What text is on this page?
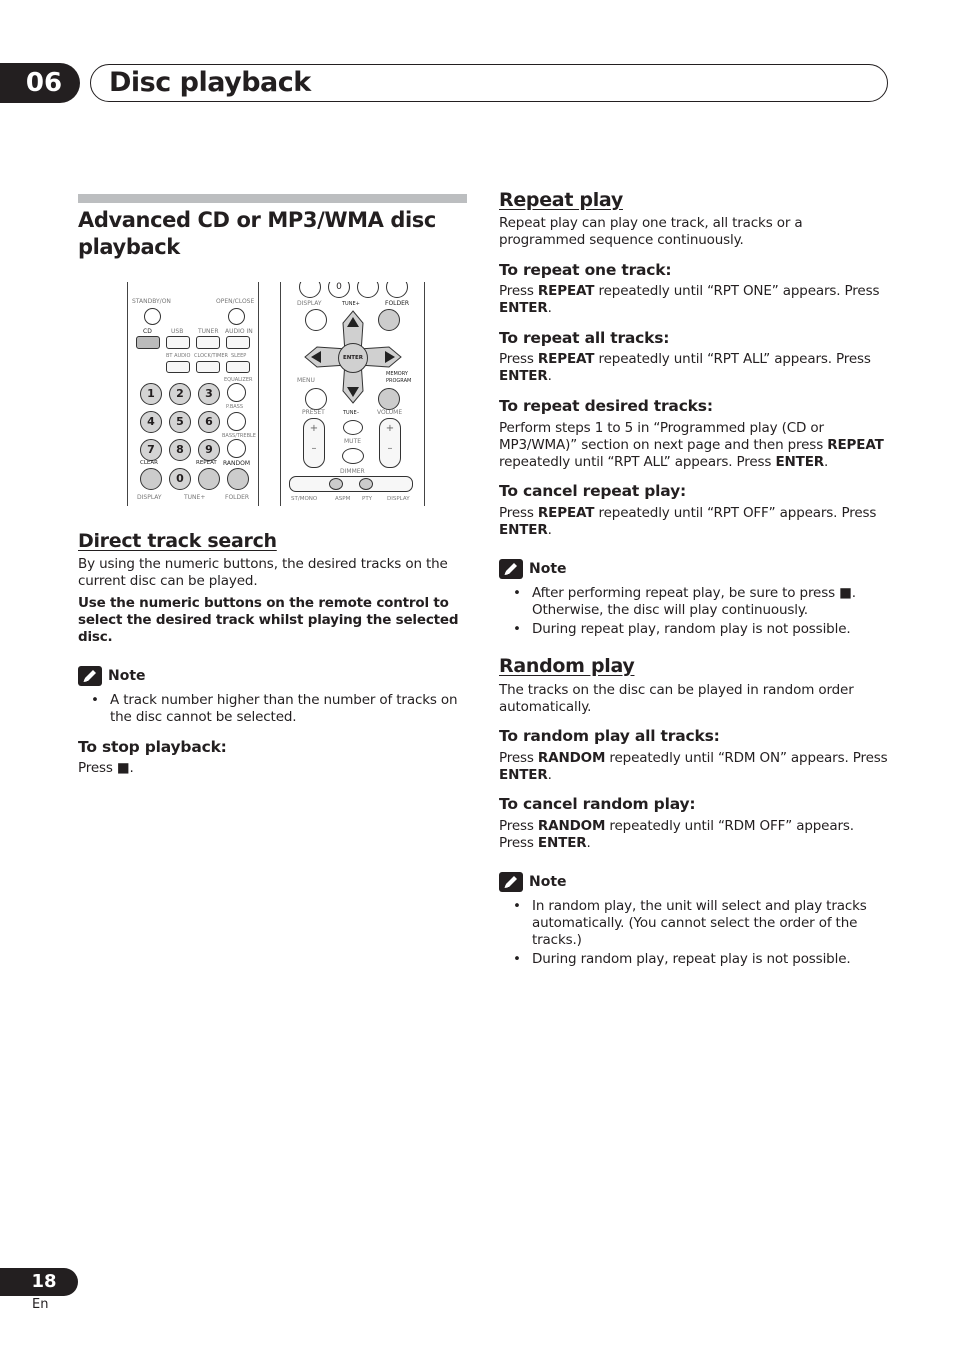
06	Disc playback
Advanced CD or MP3/WMA disc playback
STANDBY/ON	OPEN/CLOSE
CD	USB TUNER AUDIO IN
BT AUDIO CLOCK/TIMER SLEEP
EQUALIZER
1	2	3
P.BASS
4	5	6
BASS/TREBLE
7	8	9
CLEAR	REPEAT RANDOM
0
DISPLAY	TUNE+	FOLDER
0
DISPLAY	TUNE+	FOLDER
ENTER
MENU
MEMORY
PROGRAM
PRESET	TUNE–	VOLUME
+
–
+
–
MUTE
DIMMER
ST/MONO	ASPM PTY	DISPLAY
Direct track search
By using the numeric buttons, the desired tracks on the current disc can be played.
Use the numeric buttons on the remote control to select the desired track whilst playing the selected disc.
Note
• A track number higher than the number of tracks on the disc cannot be selected.
To stop playback:
Press ■.
Repeat play
Repeat play can play one track, all tracks or a programmed sequence continuously.
To repeat one track:
Press REPEAT repeatedly until “RPT ONE” appears. Press ENTER.
To repeat all tracks:
Press REPEAT repeatedly until “RPT ALL” appears. Press ENTER.
To repeat desired tracks:
Perform steps 1 to 5 in “Programmed play (CD or MP3/WMA)” section on next page and then press REPEAT repeatedly until “RPT ALL” appears. Press ENTER.
To cancel repeat play:
Press REPEAT repeatedly until “RPT OFF” appears. Press ENTER.
Note
• After performing repeat play, be sure to press ■. Otherwise, the disc will play continuously.
• During repeat play, random play is not possible.
Random play
The tracks on the disc can be played in random order automatically.
To random play all tracks:
Press RANDOM repeatedly until “RDM ON” appears. Press ENTER.
To cancel random play:
Press RANDOM repeatedly until “RDM OFF” appears. Press ENTER.
Note
• In random play, the unit will select and play tracks automatically. (You cannot select the order of the tracks.)
• During random play, repeat play is not possible.
18
En
